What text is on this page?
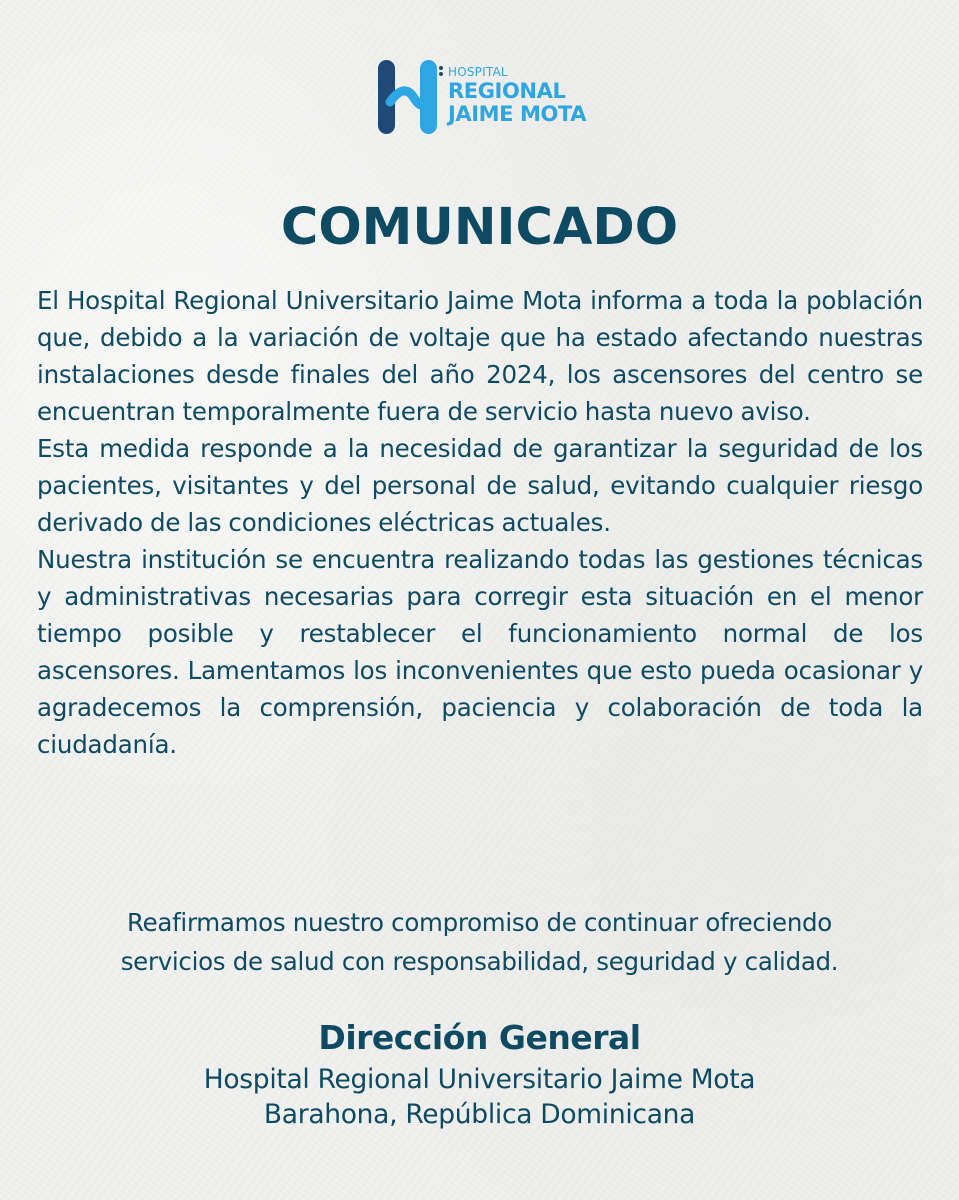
HOSPITAL
REGIONAL
JAIME MOTA
COMUNICADO

El Hospital Regional Universitario Jaime Mota informa a toda la población que, debido a la variación de voltaje que ha estado afectando nuestras instalaciones desde finales del año 2024, los ascensores del centro se encuentran temporalmente fuera de servicio hasta nuevo aviso.

Esta medida responde a la necesidad de garantizar la seguridad de los pacientes, visitantes y del personal de salud, evitando cualquier riesgo derivado de las condiciones eléctricas actuales.

Nuestra institución se encuentra realizando todas las gestiones técnicas y administrativas necesarias para corregir esta situación en el menor tiempo posible y restablecer el funcionamiento normal de los ascensores. Lamentamos los inconvenientes que esto pueda ocasionar y agradecemos la comprensión, paciencia y colaboración de toda la ciudadanía.

Reafirmamos nuestro compromiso de continuar ofreciendo
servicios de salud con responsabilidad, seguridad y calidad.

Dirección General

Hospital Regional Universitario Jaime Mota

Barahona, República Dominicana
